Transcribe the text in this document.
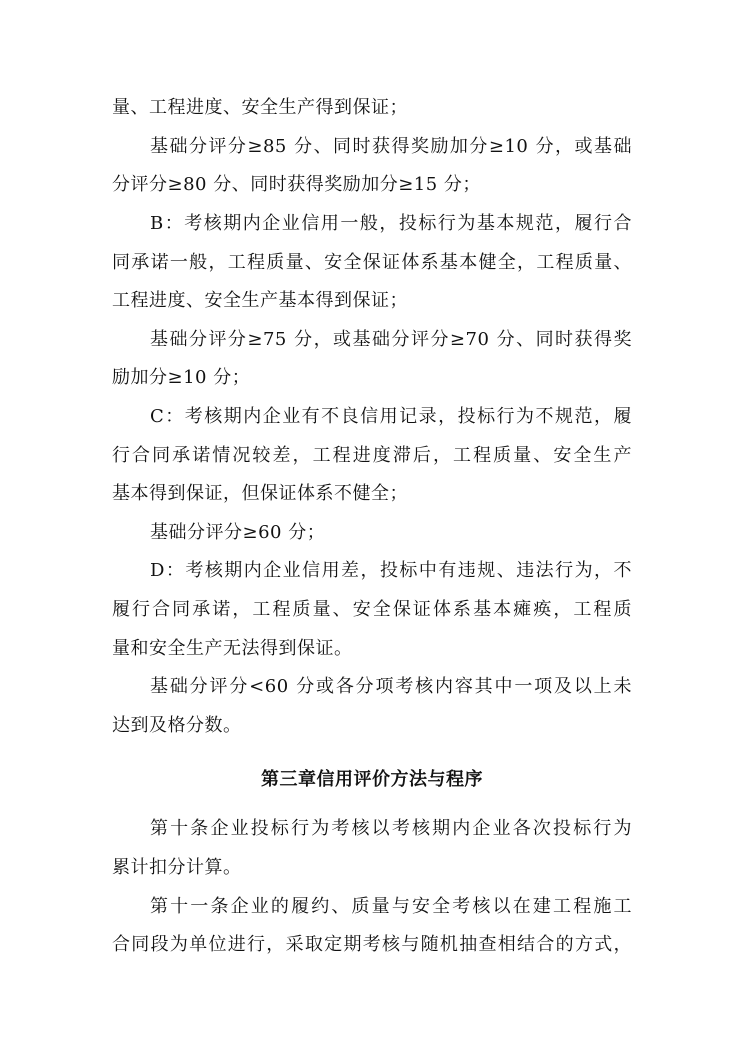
量、工程进度、安全生产得到保证；
基础分评分≥85 分、同时获得奖励加分≥10 分，或基础
分评分≥80 分、同时获得奖励加分≥15 分；
B：考核期内企业信用一般，投标行为基本规范，履行合
同承诺一般，工程质量、安全保证体系基本健全，工程质量、
工程进度、安全生产基本得到保证；
基础分评分≥75 分，或基础分评分≥70 分、同时获得奖
励加分≥10 分；
C：考核期内企业有不良信用记录，投标行为不规范，履
行合同承诺情况较差，工程进度滞后，工程质量、安全生产
基本得到保证，但保证体系不健全；
基础分评分≥60 分；
D：考核期内企业信用差，投标中有违规、违法行为，不
履行合同承诺，工程质量、安全保证体系基本瘫痪，工程质
量和安全生产无法得到保证。
基础分评分<60 分或各分项考核内容其中一项及以上未
达到及格分数。
第三章信用评价方法与程序
第十条企业投标行为考核以考核期内企业各次投标行为
累计扣分计算。
第十一条企业的履约、质量与安全考核以在建工程施工
合同段为单位进行，采取定期考核与随机抽查相结合的方式，
